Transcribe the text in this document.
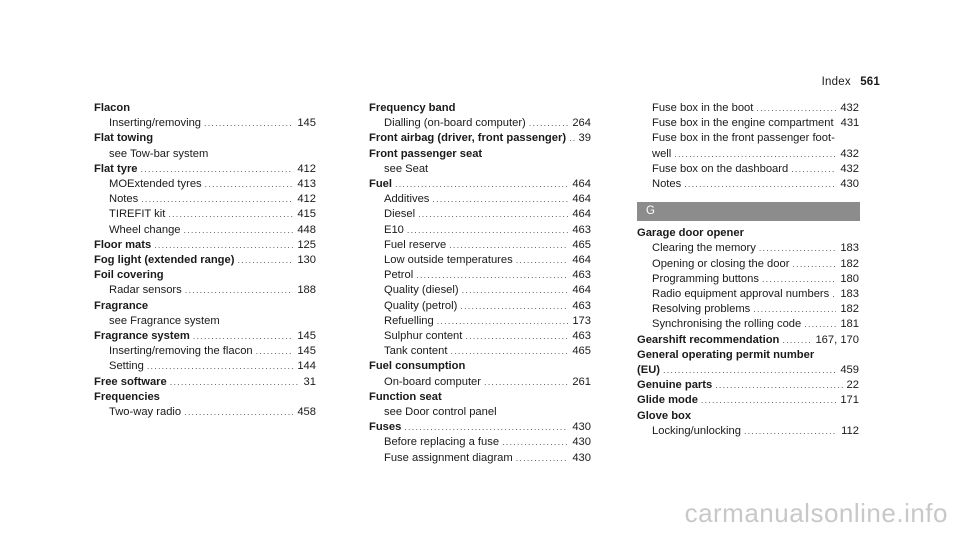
Index 561
Flacon
Inserting/removing .....	145
Flat towing
see Tow-bar system
Flat tyre .....	412
MOExtended tyres .....	413
Notes .....	412
TIREFIT kit .....	415
Wheel change .....	448
Floor mats .....	125
Fog light (extended range) .....	130
Foil covering
Radar sensors .....	188
Fragrance
see Fragrance system
Fragrance system .....	145
Inserting/removing the flacon .....	145
Setting .....	144
Free software .....	31
Frequencies
Two-way radio .....	458
Frequency band
Dialling (on-board computer) .....	264
Front airbag (driver, front passenger) ..... 39
Front passenger seat
see Seat
Fuel .....	464
Additives .....	464
Diesel .....	464
E10 .....	463
Fuel reserve .....	465
Low outside temperatures .....	464
Petrol .....	463
Quality (diesel) .....	464
Quality (petrol) .....	463
Refuelling .....	173
Sulphur content .....	463
Tank content .....	465
Fuel consumption
On-board computer .....	261
Function seat
see Door control panel
Fuses .....	430
Before replacing a fuse .....	430
Fuse assignment diagram .....	430
Fuse box in the boot .....	432
Fuse box in the engine compartment 431
Fuse box in the front passenger foot-
well .....	432
Fuse box on the dashboard .....	432
Notes .....	430
G
Garage door opener
Clearing the memory .....	183
Opening or closing the door .....	182
Programming buttons .....	180
Radio equipment approval numbers ..... 183
Resolving problems .....	182
Synchronising the rolling code .....	181
Gearshift recommendation .....	167, 170
General operating permit number
(EU) .....	459
Genuine parts .....	22
Glide mode .....	171
Glove box
Locking/unlocking .....	112
carmanualsonline.info
